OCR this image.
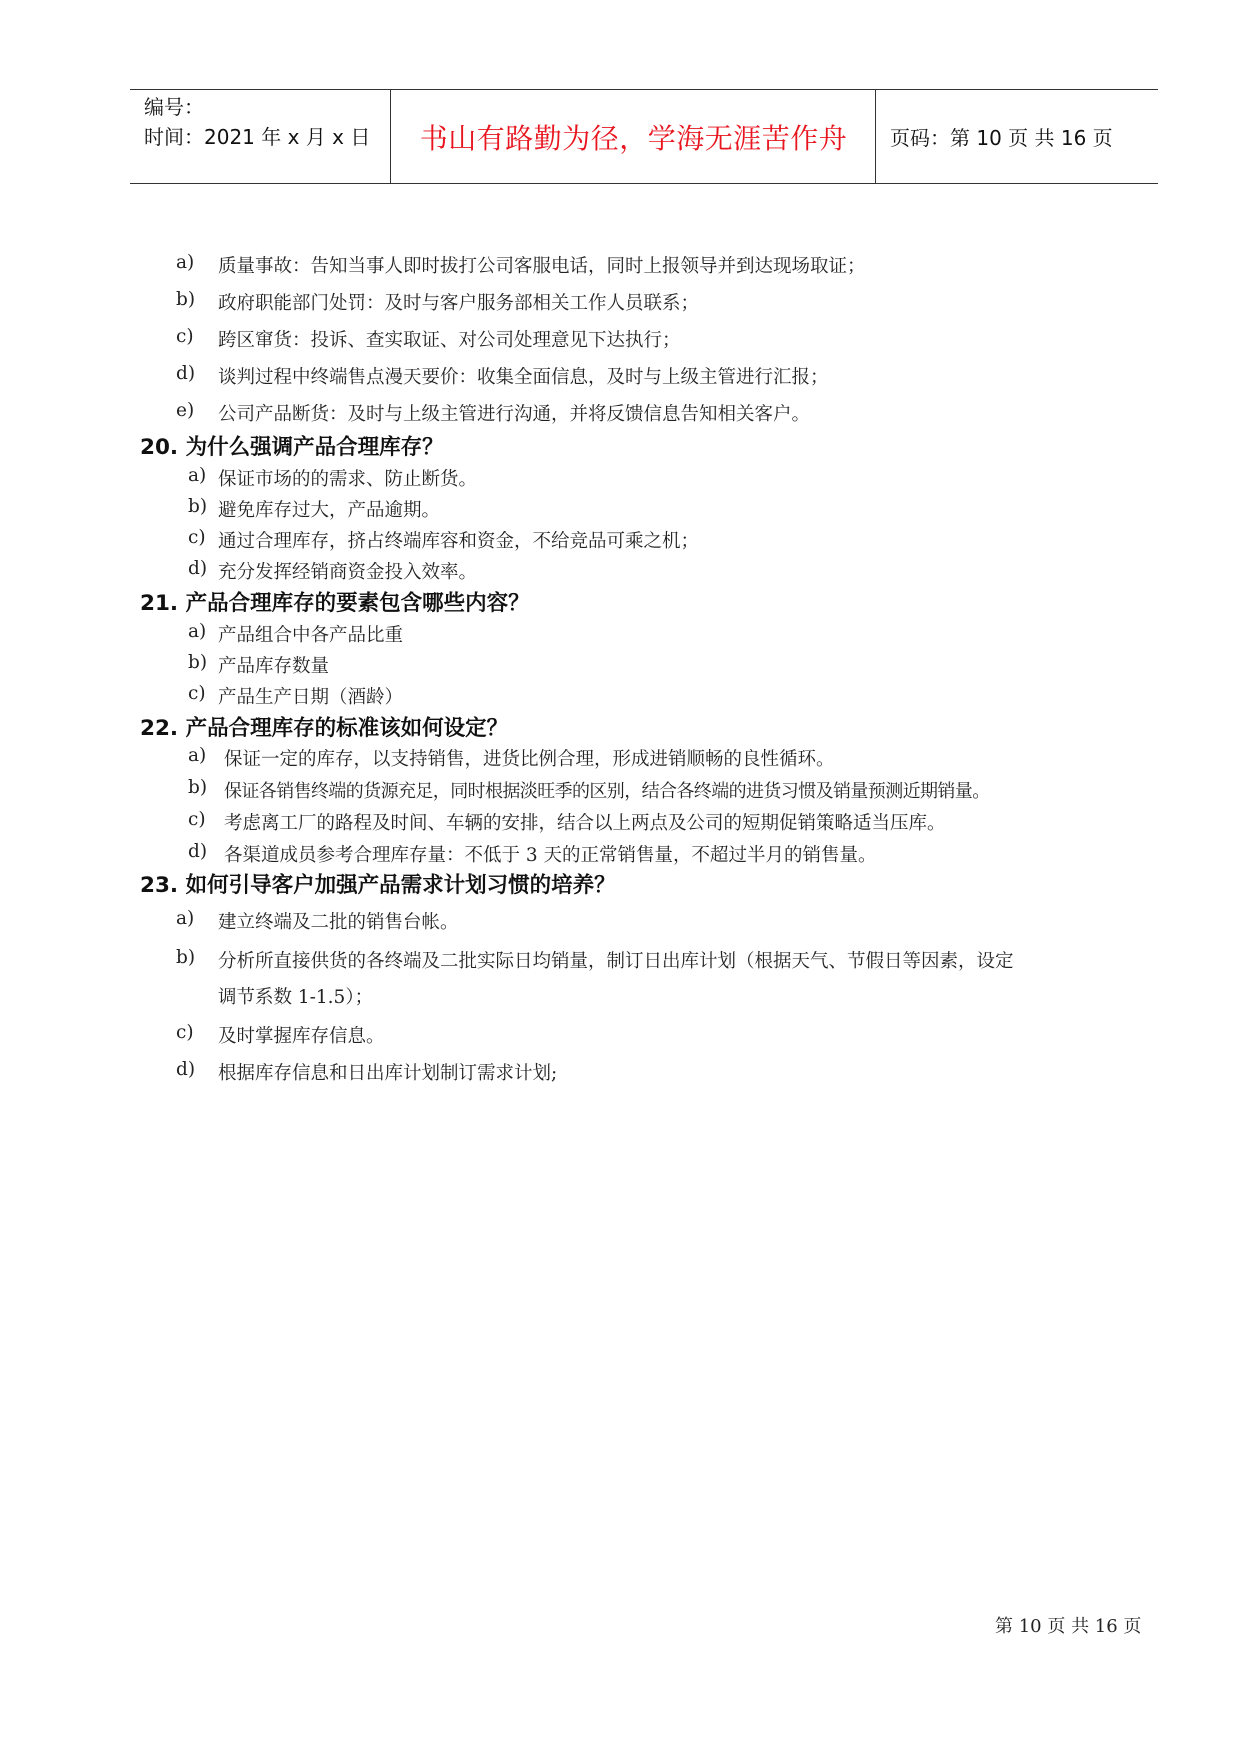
编号：
时间：2021 年 x 月 x 日	书山有路勤为径，学海无涯苦作舟	页码：第 10 页 共 16 页
a) 质量事故：告知当事人即时拔打公司客服电话，同时上报领导并到达现场取证；
b) 政府职能部门处罚：及时与客户服务部相关工作人员联系；
c) 跨区窜货：投诉、查实取证、对公司处理意见下达执行；
d) 谈判过程中终端售点漫天要价：收集全面信息，及时与上级主管进行汇报；
e) 公司产品断货：及时与上级主管进行沟通，并将反馈信息告知相关客户。
20. 为什么强调产品合理库存？
a) 保证市场的的需求、防止断货。
b) 避免库存过大，产品逾期。
c) 通过合理库存，挤占终端库容和资金，不给竞品可乘之机；
d) 充分发挥经销商资金投入效率。
21. 产品合理库存的要素包含哪些内容？
a) 产品组合中各产品比重
b) 产品库存数量
c) 产品生产日期（酒龄）
22. 产品合理库存的标准该如何设定？
a) 保证一定的库存，以支持销售，进货比例合理，形成进销顺畅的良性循环。
b) 保证各销售终端的货源充足，同时根据淡旺季的区别，结合各终端的进货习惯及销量预测近期销量。
c) 考虑离工厂的路程及时间、车辆的安排，结合以上两点及公司的短期促销策略适当压库。
d) 各渠道成员参考合理库存量：不低于 3 天的正常销售量，不超过半月的销售量。
23. 如何引导客户加强产品需求计划习惯的培养？
a) 建立终端及二批的销售台帐。
b) 分析所直接供货的各终端及二批实际日均销量，制订日出库计划（根据天气、节假日等因素，设定
调节系数 1-1.5）；
c) 及时掌握库存信息。
d) 根据库存信息和日出库计划制订需求计划;
第 10 页 共 16 页
